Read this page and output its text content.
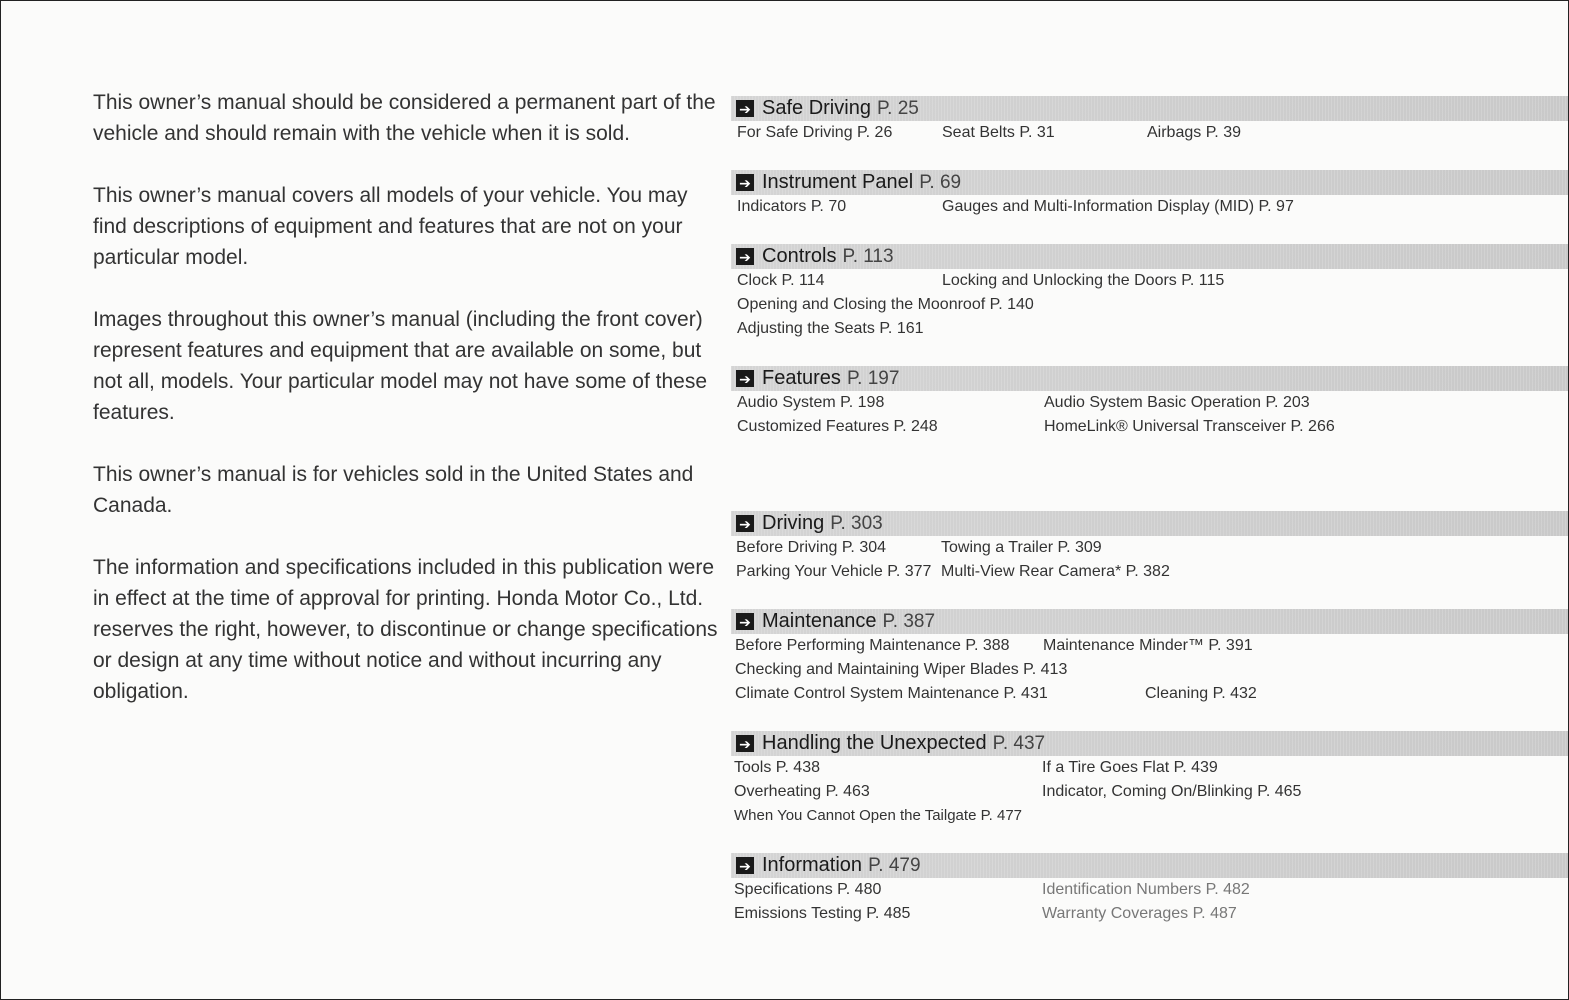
This owner’s manual should be considered a permanent part of the vehicle and should remain with the vehicle when it is sold.

This owner’s manual covers all models of your vehicle. You may find descriptions of equipment and features that are not on your particular model.

Images throughout this owner’s manual (including the front cover) represent features and equipment that are available on some, but not all, models. Your particular model may not have some of these features.

This owner’s manual is for vehicles sold in the United States and Canada.

The information and specifications included in this publication were in effect at the time of approval for printing. Honda Motor Co., Ltd. reserves the right, however, to discontinue or change specifications or design at any time without notice and without incurring any obligation.

➔ Safe Driving P. 25
For Safe Driving P. 26	Seat Belts P. 31	Airbags P. 39
➔ Instrument Panel P. 69
Indicators P. 70	Gauges and Multi-Information Display (MID) P. 97
➔ Controls P. 113
Clock P. 114	Locking and Unlocking the Doors P. 115
Opening and Closing the Moonroof P. 140
Adjusting the Seats P. 161
➔ Features P. 197
Audio System P. 198	Audio System Basic Operation P. 203
Customized Features P. 248	HomeLink® Universal Transceiver P. 266
➔ Driving P. 303
Before Driving P. 304	Towing a Trailer P. 309
Parking Your Vehicle P. 377 Multi-View Rear Camera* P. 382
➔ Maintenance P. 387
Before Performing Maintenance P. 388 Maintenance Minder™ P. 391
Checking and Maintaining Wiper Blades P. 413
Climate Control System Maintenance P. 431	Cleaning P. 432
➔ Handling the Unexpected P. 437
Tools P. 438	If a Tire Goes Flat P. 439
Overheating P. 463	Indicator, Coming On/Blinking P. 465
When You Cannot Open the Tailgate P. 477
➔ Information P. 479
Specifications P. 480	Identification Numbers P. 482
Emissions Testing P. 485	Warranty Coverages P. 487
